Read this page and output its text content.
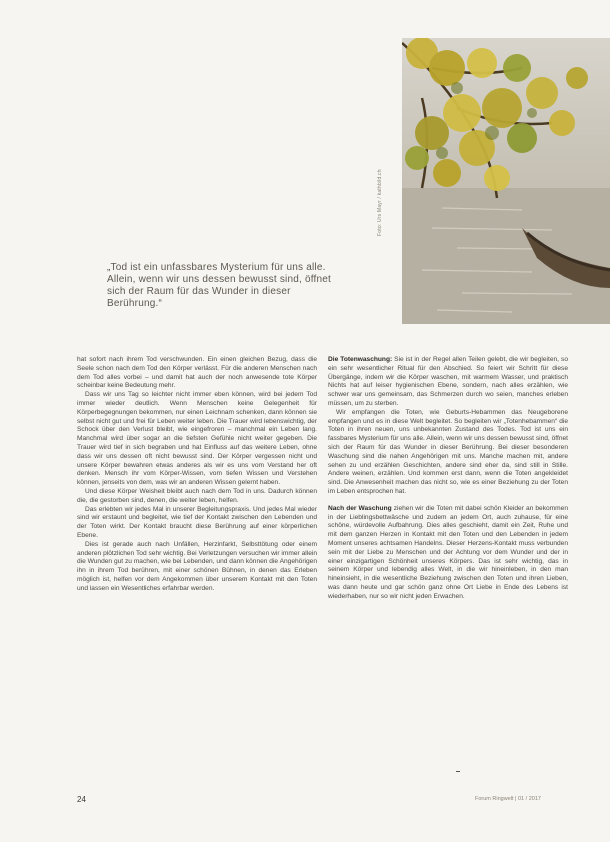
Foto: Urs Mayr / kathbild.ch
„Tod ist ein unfassbares Mysterium für uns alle. Allein, wenn wir uns dessen bewusst sind, öffnet sich der Raum für das Wunder in dieser Berührung.“

hat sofort nach ihrem Tod verschwunden. Ein einen gleichen Bezug, dass die Seele schon nach dem Tod den Körper verlässt. Für die anderen Menschen nach dem Tod alles vorbei – und damit hat auch der noch anwesende tote Körper scheinbar keine Bedeutung mehr.

Dass wir uns Tag so leichter nicht immer eben können, wird bei jedem Tod immer wieder deutlich. Wenn Menschen keine Gelegenheit für Körperbegegnungen bekommen, nur einen Leichnam schenken, dann können sie selbst nicht gut und frei für Leben weiter leben. Die Trauer wird lebenswichtig, der Schock über den Verlust bleibt, wie eingefroren – manchmal ein Leben lang. Manchmal wird über sogar an die tiefsten Gefühle nicht weiter gegeben. Die Trauer wird tief in sich begraben und hat Einfluss auf das weitere Leben, ohne dass wir uns dessen oft nicht bewusst sind. Der Körper vergessen nicht und unsere Körper bewahren etwas anderes als wir es uns vom Verstand her oft denken. Mensch ihr vom Körper-Wissen, vom tiefen Wissen und Verstehen können, jenseits von dem, was wir an anderen Wissen gelernt haben.

Und diese Körper Weisheit bleibt auch nach dem Tod in uns. Dadurch können die, die gestorben sind, denen, die weiter leben, helfen.

Das erlebten wir jedes Mal in unserer Begleitungspraxis. Und jedes Mal wieder sind wir erstaunt und begleitet, wie tief der Kontakt zwischen den Lebenden und der Toten wirkt. Der Kontakt braucht diese Berührung auf einer körperlichen Ebene.

Dies ist gerade auch nach Unfällen, Herzinfarkt, Selbsttötung oder einem anderen plötzlichen Tod sehr wichtig. Bei Verletzungen versuchen wir immer allein die Wunden gut zu machen, wie bei Lebenden, und dann können die Angehörigen ihn in ihrem Tod berühren, mit einer schönen Bühnen, in denen das Erleben möglich ist, helfen vor dem Angekommen über unserem Kontakt mit den Toten und lassen ein Wesentliches erfahrbar werden.

Die Totenwaschung: Sie ist in der Regel allen Teilen gelebt, die wir begleiten, so ein sehr wesentlicher Ritual für den Abschied. So feiert wir Schritt für diese Übergänge, indem wir die Körper waschen, mit warmem Wasser, und praktisch Nichts hat auf leiser hygienischen Ebene, sondern, nach alles erzählen, wie schwer war uns gemeinsam, das Schmerzen durch wo seien, manches erleben müssen, um zu sterben.

Wir empfangen die Toten, wie Geburts-Hebammen das Neugeborene empfangen und es in diese Welt begleitet. So begleiten wir „Totenhebammen“ die Toten in ihren neuen, uns unbekannten Zustand des Todes. Tod ist uns ein fassbares Mysterium für uns alle. Allein, wenn wir uns dessen bewusst sind, öffnet sich der Raum für das Wunder in dieser Berührung. Bei dieser besonderen Waschung sind die nahen Angehörigen mit uns. Manche machen mit, andere sehen zu und erzählen Geschichten, andere sind eher da, sind still in Stille. Andere weinen, erzählen. Und kommen erst dann, wenn die Toten angekleidet sind. Die Anwesenheit machen das nicht so, wie es einer Beziehung zu der Toten im Leben entsprochen hat.

Nach der Waschung ziehen wir die Toten mit dabei schön Kleider an bekommen in der Lieblingsbettwäsche und zudem an jedem Ort, auch zuhause, für eine schöne, würdevolle Aufbahrung. Dies alles geschieht, damit ein Zeit, Ruhe und mit dem ganzen Herzen in Kontakt mit den Toten und den Lebenden in jedem Moment unseres achtsamen Handelns. Dieser Herzens-Kontakt muss verbunden sein mit der Liebe zu Menschen und der Achtung vor dem Wunder und der in einer einzigartigen Schönheit unseres Körpers. Das ist sehr wichtig, das in seinem Körper und lebendig alles Welt, in die wir hineinleben, in den man hineinsieht, in die wesentliche Beziehung zwischen den Toten und ihren Lieben, was dann heute und gar schön ganz ohne Ort Liebe in Ende des Lebens ist wiederhaben, nur so wir nicht jeden Erwachen.

24	Forum Ringwelt | 01 / 2017
